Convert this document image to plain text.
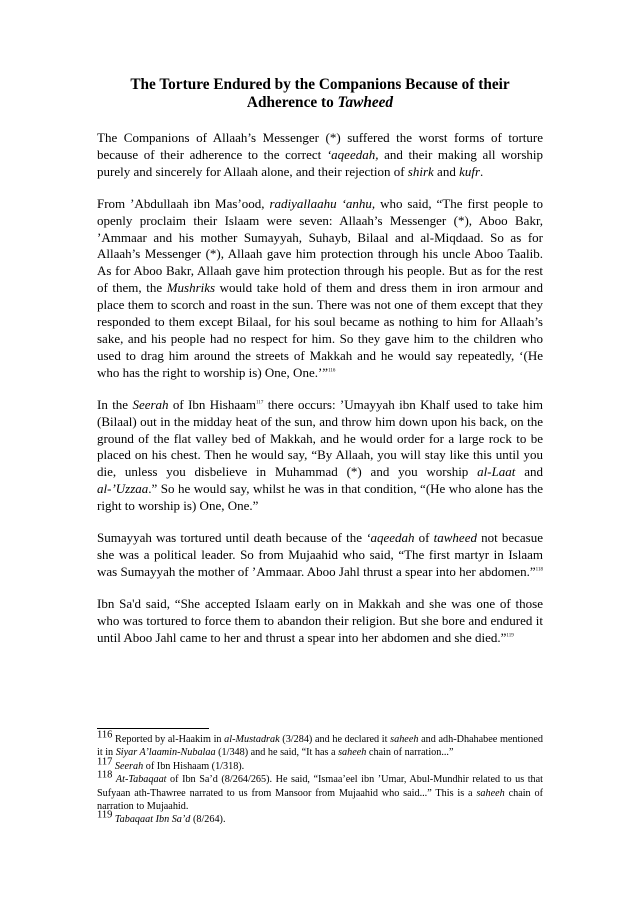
The Torture Endured by the Companions Because of their
Adherence to Tawheed

The Companions of Allaah’s Messenger (*) suffered the worst forms of torture because of their adherence to the correct ‘aqeedah, and their making all worship purely and sincerely for Allaah alone, and their rejection of shirk and kufr.

From ’Abdullaah ibn Mas’ood, radiyallaahu ‘anhu, who said, “The first people to openly proclaim their Islaam were seven: Allaah’s Messenger (*), Aboo Bakr, ’Ammaar and his mother Sumayyah, Suhayb, Bilaal and al-Miqdaad. So as for Allaah’s Messenger (*), Allaah gave him protection through his uncle Aboo Taalib. As for Aboo Bakr, Allaah gave him protection through his people. But as for the rest of them, the Mushriks would take hold of them and dress them in iron armour and place them to scorch and roast in the sun. There was not one of them except that they responded to them except Bilaal, for his soul became as nothing to him for Allaah’s sake, and his people had no respect for him. So they gave him to the children who used to drag him around the streets of Makkah and he would say repeatedly, ‘(He who has the right to worship is) One, One.’”$^{116}$

In the Seerah of Ibn Hishaam$^{117}$ there occurs: ’Umayyah ibn Khalf used to take him (Bilaal) out in the midday heat of the sun, and throw him down upon his back, on the ground of the flat valley bed of Makkah, and he would order for a large rock to be placed on his chest. Then he would say, “By Allaah, you will stay like this until you die, unless you disbelieve in Muhammad (*) and you worship al-Laat and al-’Uzzaa.” So he would say, whilst he was in that condition, “(He who alone has the right to worship is) One, One.”

Sumayyah was tortured until death because of the ‘aqeedah of tawheed not becasue she was a political leader. So from Mujaahid who said, “The first martyr in Islaam was Sumayyah the mother of ’Ammaar. Aboo Jahl thrust a spear into her abdomen.”$^{118}$

Ibn Sa'd said, “She accepted Islaam early on in Makkah and she was one of those who was tortured to force them to abandon their religion. But she bore and endured it until Aboo Jahl came to her and thrust a spear into her abdomen and she died.”$^{119}$

116 Reported by al-Haakim in al-Mustadrak (3/284) and he declared it saheeh and adh-Dhahabee mentioned it in Siyar A’laamin-Nubalaa (1/348) and he said, “It has a saheeh chain of narration...”

117 Seerah of Ibn Hishaam (1/318).

118 At-Tabaqaat of Ibn Sa’d (8/264/265). He said, “Ismaa’eel ibn ’Umar, Abul-Mundhir related to us that Sufyaan ath-Thawree narrated to us from Mansoor from Mujaahid who said...” This is a saheeh chain of narration to Mujaahid.

119 Tabaqaat Ibn Sa’d (8/264).
